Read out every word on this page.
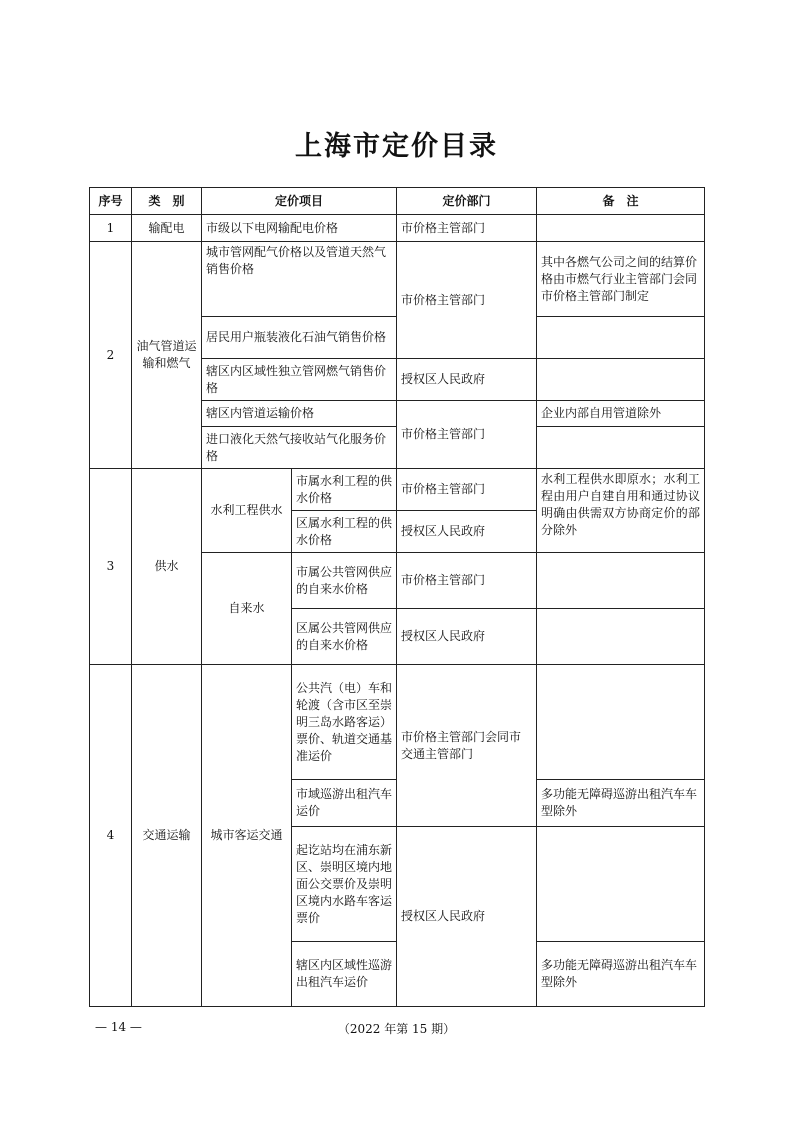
上海市定价目录
序号	类　别	定价项目		定价部门	备　注
1	输配电	市级以下电网输配电价格		市价格主管部门	
2	油气管道运输和燃气	城市管网配气价格以及管道天然气销售价格		市价格主管部门	其中各燃气公司之间的结算价格由市燃气行业主管部门会同市价格主管部门制定
		居民用户瓶装液化石油气销售价格			
		辖区内区域性独立管网燃气销售价格		授权区人民政府	
		辖区内管道运输价格		市价格主管部门	企业内部自用管道除外
		进口液化天然气接收站气化服务价格			
3	供水	水利工程供水	市属水利工程的供水价格	市价格主管部门	水利工程供水即原水；水利工程由用户自建自用和通过协议明确由供需双方协商定价的部分除外
			区属水利工程的供水价格	授权区人民政府	
		自来水	市属公共管网供应的自来水价格	市价格主管部门	
			区属公共管网供应的自来水价格	授权区人民政府	
4	交通运输	城市客运交通	公共汽（电）车和轮渡（含市区至崇明三岛水路客运）票价、轨道交通基准运价	市价格主管部门会同市交通主管部门	
			市域巡游出租汽车运价		多功能无障碍巡游出租汽车车型除外
			起讫站均在浦东新区、崇明区境内地面公交票价及崇明区境内水路车客运票价	授权区人民政府	
			辖区内区域性巡游出租汽车运价		多功能无障碍巡游出租汽车车型除外
— 14 —	（2022 年第 15 期）
